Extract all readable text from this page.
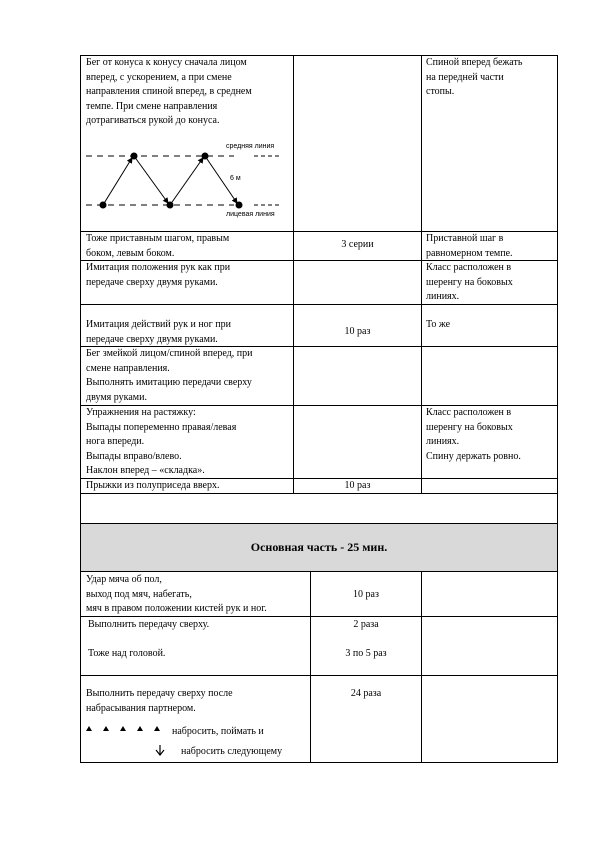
Бег от конуса к конусу сначала лицом
вперед, с ускорением, а при смене
направления спиной вперед, в среднем
темпе. При смене направления
дотрагиваться рукой до конуса.
Спиной вперед бежать
на передней части
стопы.
средняя линия
6 м
лицевая линия
Тоже приставным шагом, правым
боком, левым боком.
3 серии
Приставной шаг в
равномерном темпе.
Имитация положения рук как при
передаче сверху двумя руками.
Класс расположен в
шеренгу на боковых
линиях.
Имитация действий рук и ног при
передаче сверху двумя руками.
10 раз
То же
Бег змейкой лицом/спиной вперед, при
смене направления.
Выполнять имитацию передачи сверху
двумя руками.
Упражнения на растяжку:
Выпады попеременно правая/левая
нога впереди.
Выпады вправо/влево.
Наклон вперед – «складка».
Класс расположен в
шеренгу на боковых
линиях.
Спину держать ровно.
Прыжки из полуприседа вверх.	10 раз
Основная часть - 25 мин.
Удар мяча об пол,
выход под мяч, набегать,
мяч в правом положении кистей рук и ног.
10 раз
Выполнить передачу сверху.
Тоже над головой.
2 раза
3 по 5 раз
Выполнить передачу сверху после
набрасывания партнером.
24 раза
набросить, поймать и
набросить следующему
